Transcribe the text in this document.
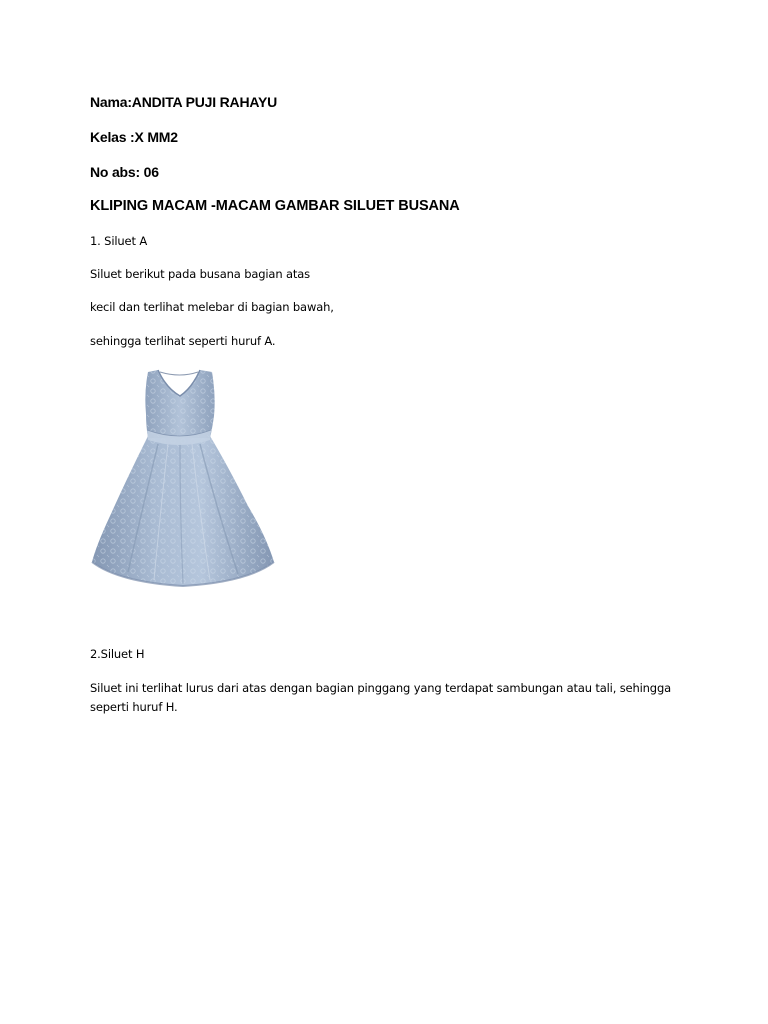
Nama:ANDITA PUJI RAHAYU
Kelas :X MM2
No abs: 06
KLIPING MACAM -MACAM GAMBAR SILUET BUSANA
1. Siluet A
Siluet berikut pada busana bagian atas
kecil dan terlihat melebar di bagian bawah,
sehingga terlihat seperti huruf A.
2.Siluet H
Siluet ini terlihat lurus dari atas dengan bagian pinggang yang terdapat sambungan atau tali, sehingga seperti huruf H.
